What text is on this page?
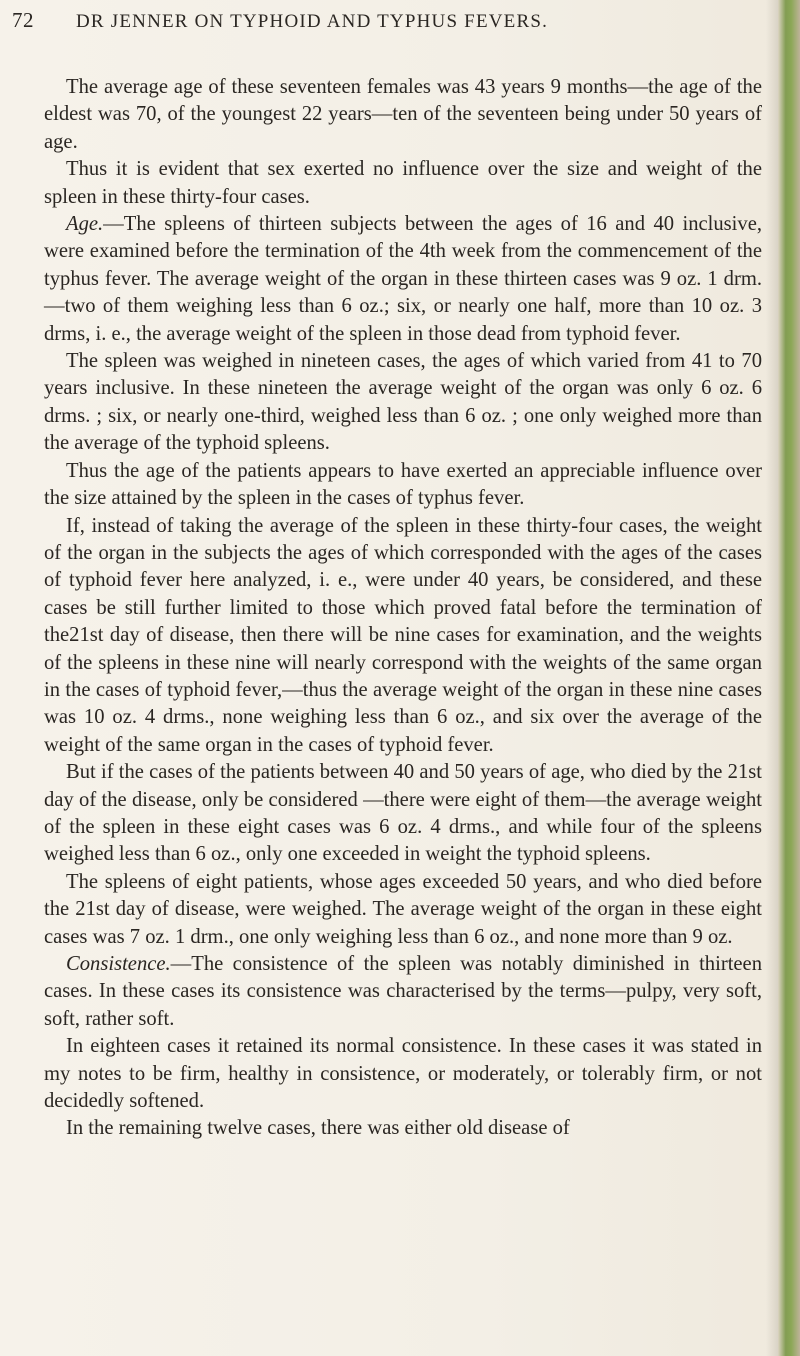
72 DR JENNER ON TYPHOID AND TYPHUS FEVERS.

The average age of these seventeen females was 43 years 9 months—the age of the eldest was 70, of the youngest 22 years—ten of the seventeen being under 50 years of age.

Thus it is evident that sex exerted no influence over the size and weight of the spleen in these thirty-four cases.

Age.—The spleens of thirteen subjects between the ages of 16 and 40 inclusive, were examined before the termination of the 4th week from the commencement of the typhus fever. The average weight of the organ in these thirteen cases was 9 oz. 1 drm.—two of them weighing less than 6 oz.; six, or nearly one half, more than 10 oz. 3 drms, i. e., the average weight of the spleen in those dead from typhoid fever.

The spleen was weighed in nineteen cases, the ages of which varied from 41 to 70 years inclusive. In these nineteen the average weight of the organ was only 6 oz. 6 drms. ; six, or nearly one-third, weighed less than 6 oz. ; one only weighed more than the average of the typhoid spleens.

Thus the age of the patients appears to have exerted an appreciable influence over the size attained by the spleen in the cases of typhus fever.

If, instead of taking the average of the spleen in these thirty-four cases, the weight of the organ in the subjects the ages of which corresponded with the ages of the cases of typhoid fever here analyzed, i. e., were under 40 years, be considered, and these cases be still further limited to those which proved fatal before the termination of the21st day of disease, then there will be nine cases for examination, and the weights of the spleens in these nine will nearly correspond with the weights of the same organ in the cases of typhoid fever,—thus the average weight of the organ in these nine cases was 10 oz. 4 drms., none weighing less than 6 oz., and six over the average of the weight of the same organ in the cases of typhoid fever.

But if the cases of the patients between 40 and 50 years of age, who died by the 21st day of the disease, only be considered —there were eight of them—the average weight of the spleen in these eight cases was 6 oz. 4 drms., and while four of the spleens weighed less than 6 oz., only one exceeded in weight the typhoid spleens.

The spleens of eight patients, whose ages exceeded 50 years, and who died before the 21st day of disease, were weighed. The average weight of the organ in these eight cases was 7 oz. 1 drm., one only weighing less than 6 oz., and none more than 9 oz.

Consistence.—The consistence of the spleen was notably diminished in thirteen cases. In these cases its consistence was characterised by the terms—pulpy, very soft, soft, rather soft.

In eighteen cases it retained its normal consistence. In these cases it was stated in my notes to be firm, healthy in consistence, or moderately, or tolerably firm, or not decidedly softened.

In the remaining twelve cases, there was either old disease of
